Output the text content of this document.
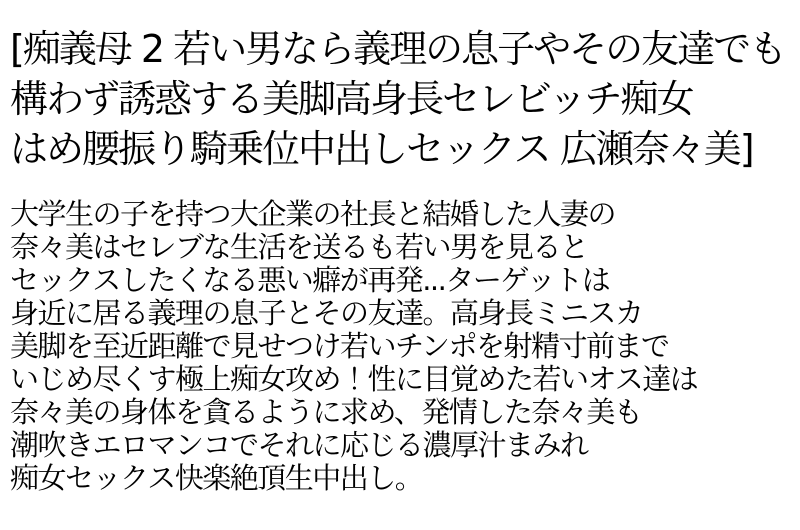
[痴義母 2 若い男なら義理の息子やその友達でも
構わず誘惑する美脚高身長セレビッチ痴女
はめ腰振り騎乗位中出しセックス 広瀬奈々美]
大学生の子を持つ大企業の社長と結婚した人妻の
奈々美はセレブな生活を送るも若い男を見ると
セックスしたくなる悪い癖が再発...ターゲットは
身近に居る義理の息子とその友達。高身長ミニスカ
美脚を至近距離で見せつけ若いチンポを射精寸前まで
いじめ尽くす極上痴女攻め！性に目覚めた若いオス達は
奈々美の身体を貪るように求め、発情した奈々美も
潮吹きエロマンコでそれに応じる濃厚汁まみれ
痴女セックス快楽絶頂生中出し。
